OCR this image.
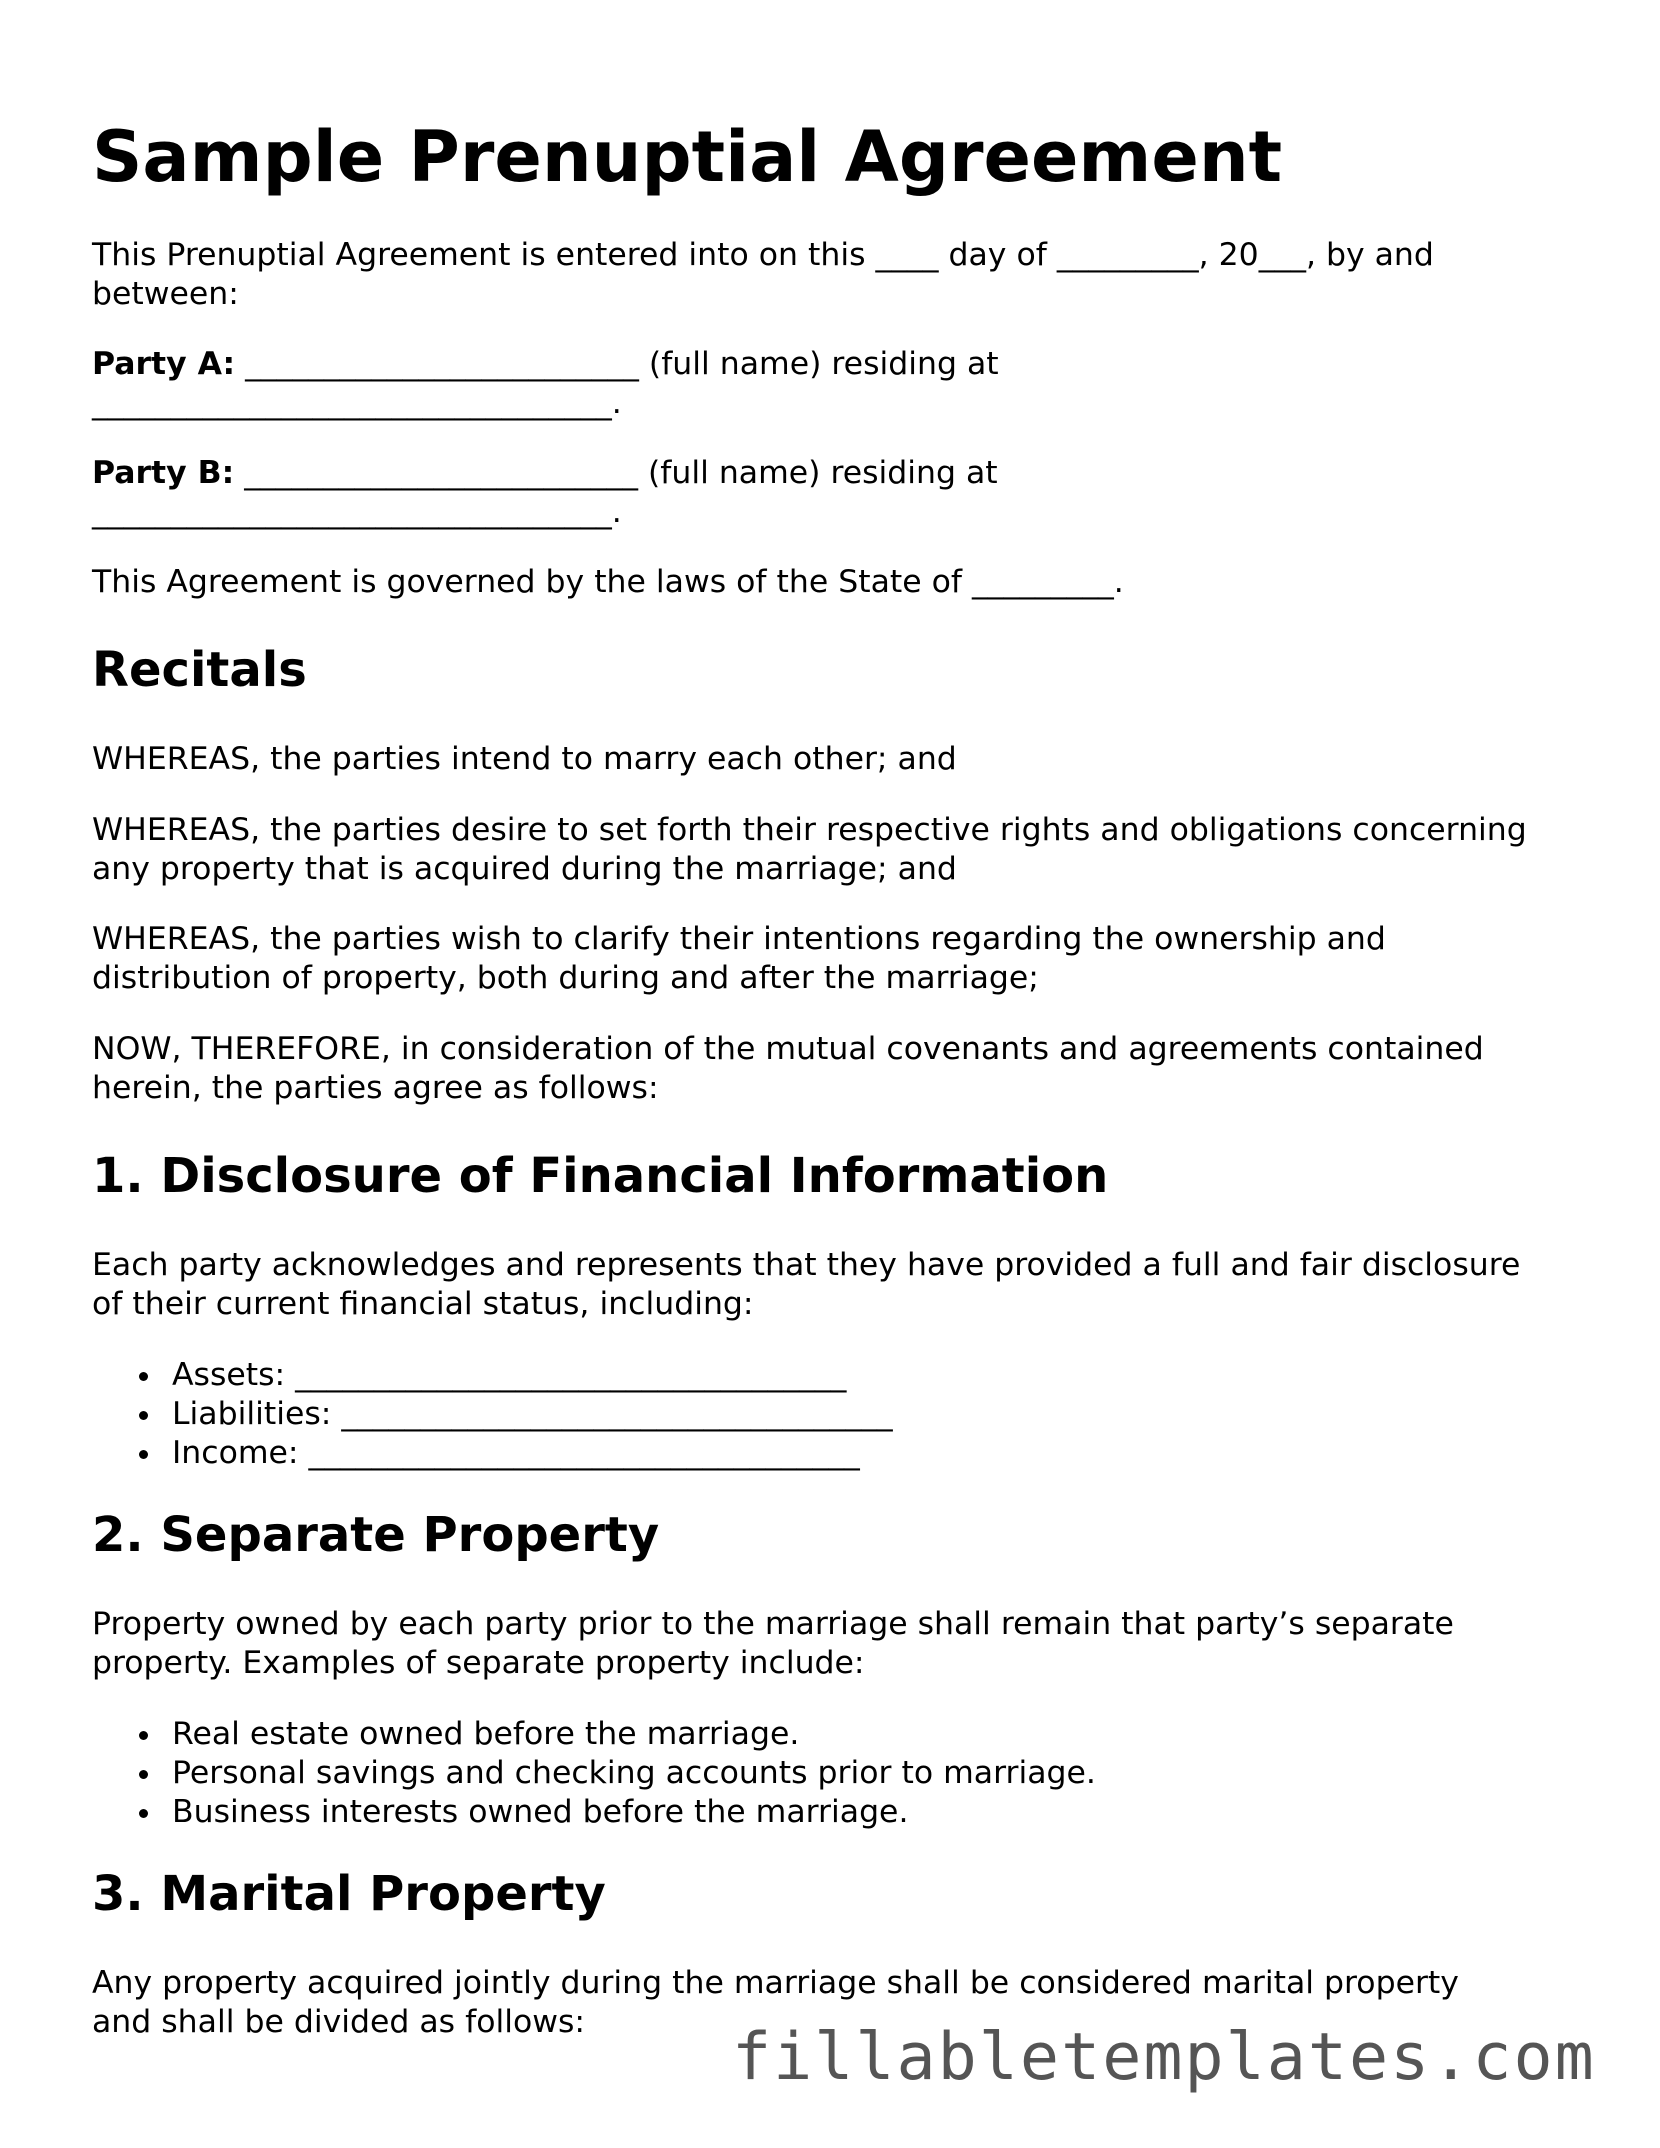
Sample Prenuptial Agreement

This Prenuptial Agreement is entered into on this ____ day of _________, 20___, by and
between:

Party A: _________________________ (full name) residing at
_________________________________.

Party B: _________________________ (full name) residing at
_________________________________.

This Agreement is governed by the laws of the State of _________.

Recitals

WHEREAS, the parties intend to marry each other; and

WHEREAS, the parties desire to set forth their respective rights and obligations concerning
any property that is acquired during the marriage; and

WHEREAS, the parties wish to clarify their intentions regarding the ownership and
distribution of property, both during and after the marriage;

NOW, THEREFORE, in consideration of the mutual covenants and agreements contained
herein, the parties agree as follows:

1. Disclosure of Financial Information

Each party acknowledges and represents that they have provided a full and fair disclosure
of their current financial status, including:

Assets: ___________________________________
Liabilities: ___________________________________
Income: ___________________________________
2. Separate Property

Property owned by each party prior to the marriage shall remain that party’s separate
property. Examples of separate property include:

Real estate owned before the marriage.
Personal savings and checking accounts prior to marriage.
Business interests owned before the marriage.
3. Marital Property

Any property acquired jointly during the marriage shall be considered marital property
and shall be divided as follows:	fillabletemplates.com
